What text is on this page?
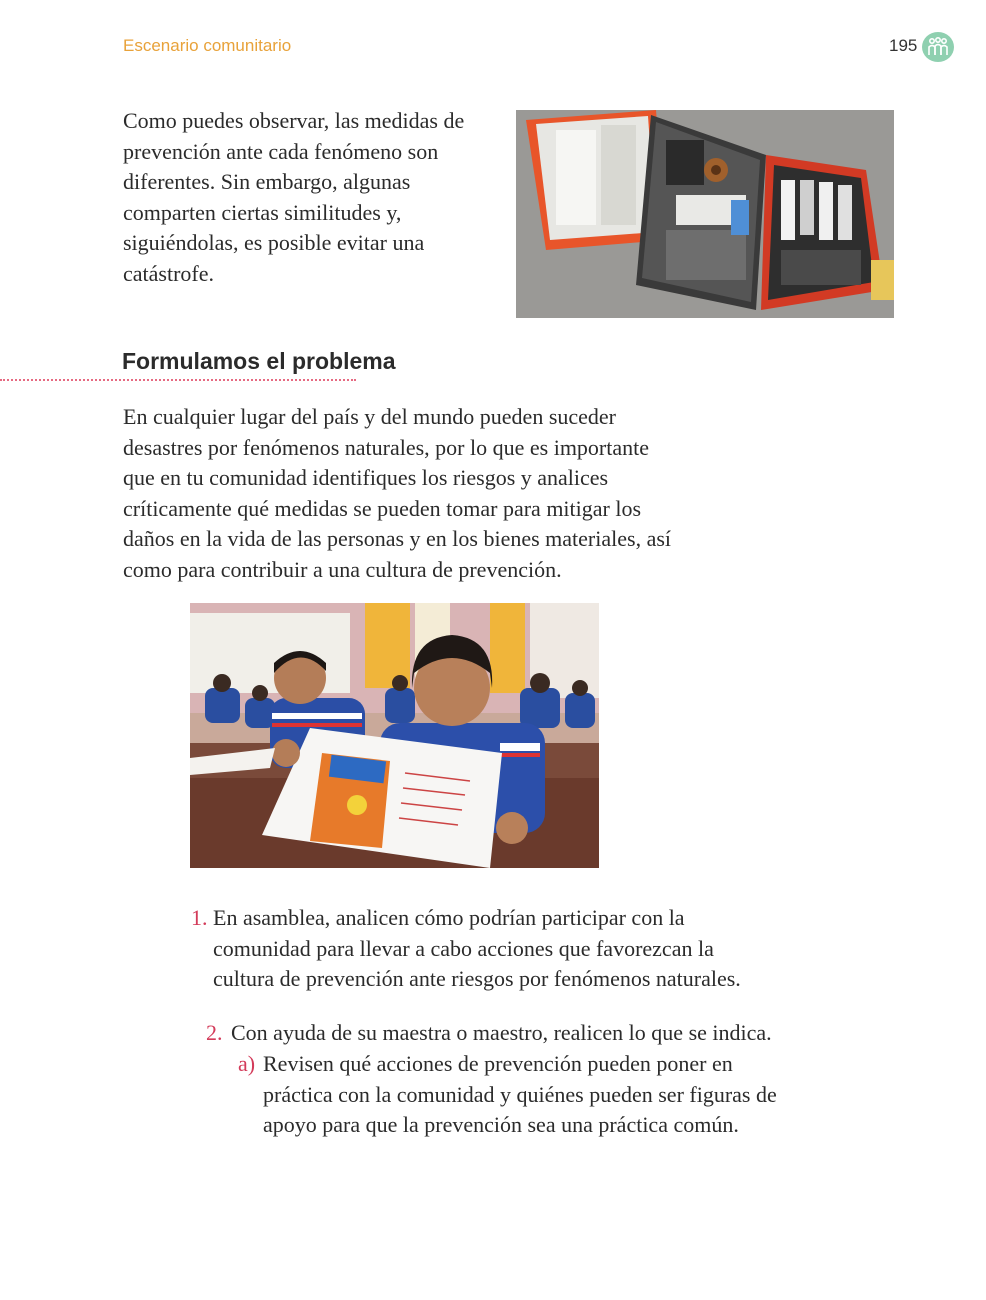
Escenario comunitario	195

Como puedes observar, las medidas de prevención ante cada fenómeno son diferentes. Sin embargo, algunas comparten ciertas similitudes y, siguiéndolas, es posible evitar una catástrofe.

Formulamos el problema

En cualquier lugar del país y del mundo pueden suceder desastres por fenómenos naturales, por lo que es importante que en tu comunidad identifiques los riesgos y analices críticamente qué medidas se pueden tomar para mitigar los daños en la vida de las personas y en los bienes materiales, así como para contribuir a una cultura de prevención.

1. En asamblea, analicen cómo podrían participar con la comunidad para llevar a cabo acciones que favorezcan la cultura de prevención ante riesgos por fenómenos naturales.
2. Con ayuda de su maestra o maestro, realicen lo que se indica.
a) Revisen qué acciones de prevención pueden poner en práctica con la comunidad y quiénes pueden ser figuras de apoyo para que la prevención sea una práctica común.
